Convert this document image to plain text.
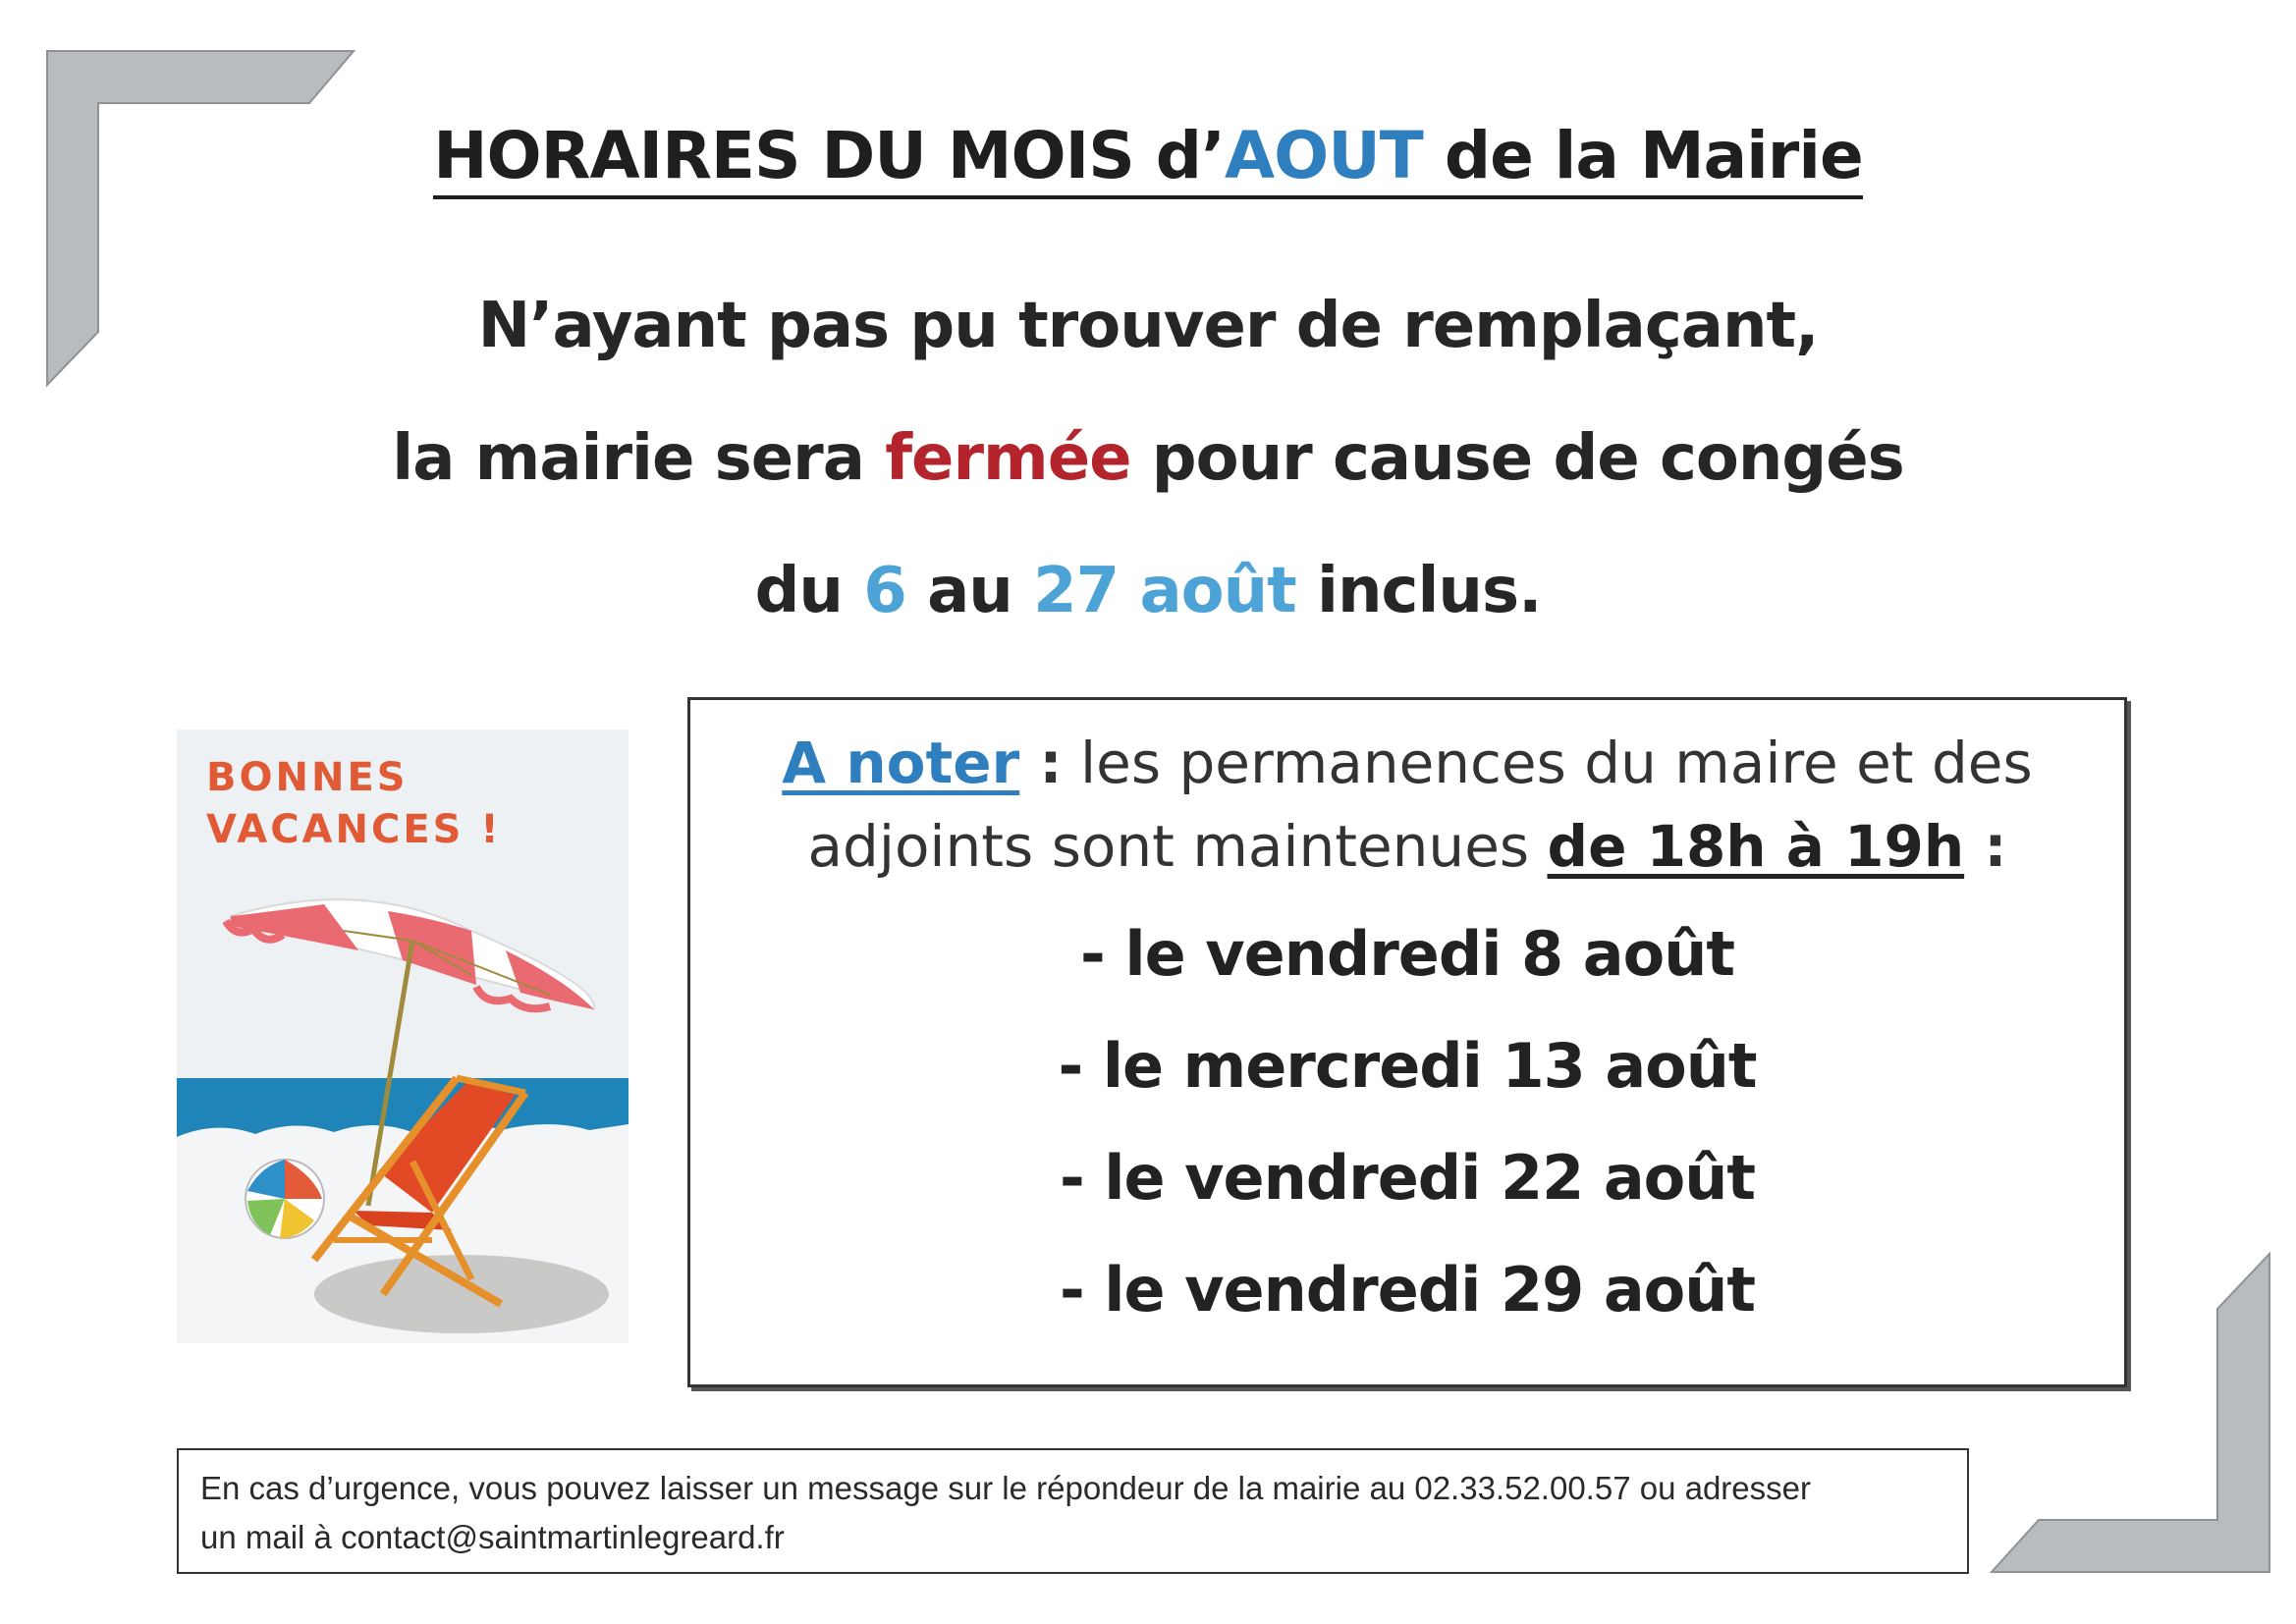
HORAIRES DU MOIS d’AOUT de la Mairie
N’ayant pas pu trouver de remplaçant,
la mairie sera fermée pour cause de congés
du 6 au 27 août inclus.
BONNES
VACANCES !
A noter : les permanences du maire et des
adjoints sont maintenues de 18h à 19h :
- le vendredi 8 août
- le mercredi 13 août
- le vendredi 22 août
- le vendredi 29 août
En cas d’urgence, vous pouvez laisser un message sur le répondeur de la mairie au 02.33.52.00.57 ou adresser
un mail à contact@saintmartinlegreard.fr
